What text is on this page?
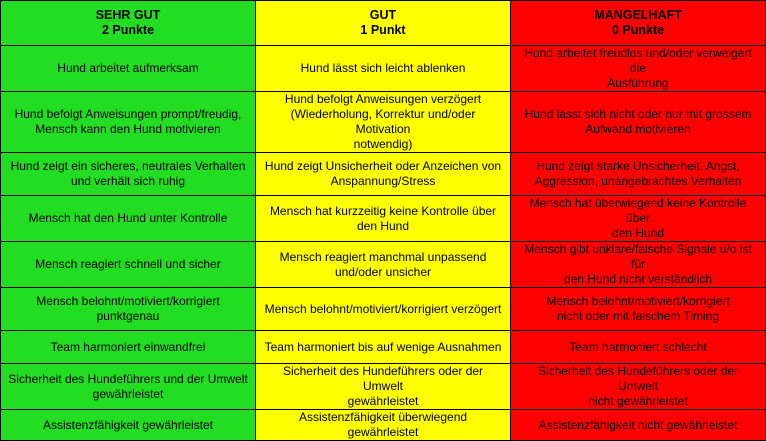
SEHR GUT
2 Punkte	GUT
1 Punkt	MANGELHAFT
0 Punkte

Hund arbeitet aufmerksam	Hund lässt sich leicht ablenken	Hund arbeitet freudlos und/oder verweigert die
Ausführung

Hund befolgt Anweisungen prompt/freudig,
Mensch kann den Hund motivieren	Hund befolgt Anweisungen verzögert
(Wiederholung, Korrektur und/oder Motivation
notwendig)	Hund lässt sich nicht oder nur mit grossem
Aufwand motivieren

Hund zeigt ein sicheres, neutrales Verhalten
und verhält sich ruhig	Hund zeigt Unsicherheit oder Anzeichen von
Anspannung/Stress	Hund zeigt starke Unsicherheit, Angst,
Aggression, unangebrachtes Verhalten

Mensch hat den Hund unter Kontrolle	Mensch hat kurzzeitig keine Kontrolle über
den Hund	Mensch hat überwiegend keine Kontrolle über
den Hund

Mensch reagiert schnell und sicher	Mensch reagiert manchmal unpassend
und/oder unsicher	Mensch gibt unklare/falsche Signale u/o ist für
den Hund nicht verständlich

Mensch belohnt/motiviert/korrigiert
punktgenau	Mensch belohnt/motiviert/korrigiert verzögert	Mensch belohnt/motiviert/korrigiert
nicht oder mit falschem Timing

Team harmoniert einwandfrei	Team harmoniert bis auf wenige Ausnahmen	Team harmoniert schlecht

Sicherheit des Hundeführers und der Umwelt
gewährleistet	Sicherheit des Hundeführers oder der Umwelt
gewährleistet	Sicherheit des Hundeführers oder der Umwelt
nicht gewährleistet

Assistenzfähigkeit gewährleistet	Assistenzfähigkeit überwiegend gewährleistet	Assistenzfähigkeit nicht gewährleistet
